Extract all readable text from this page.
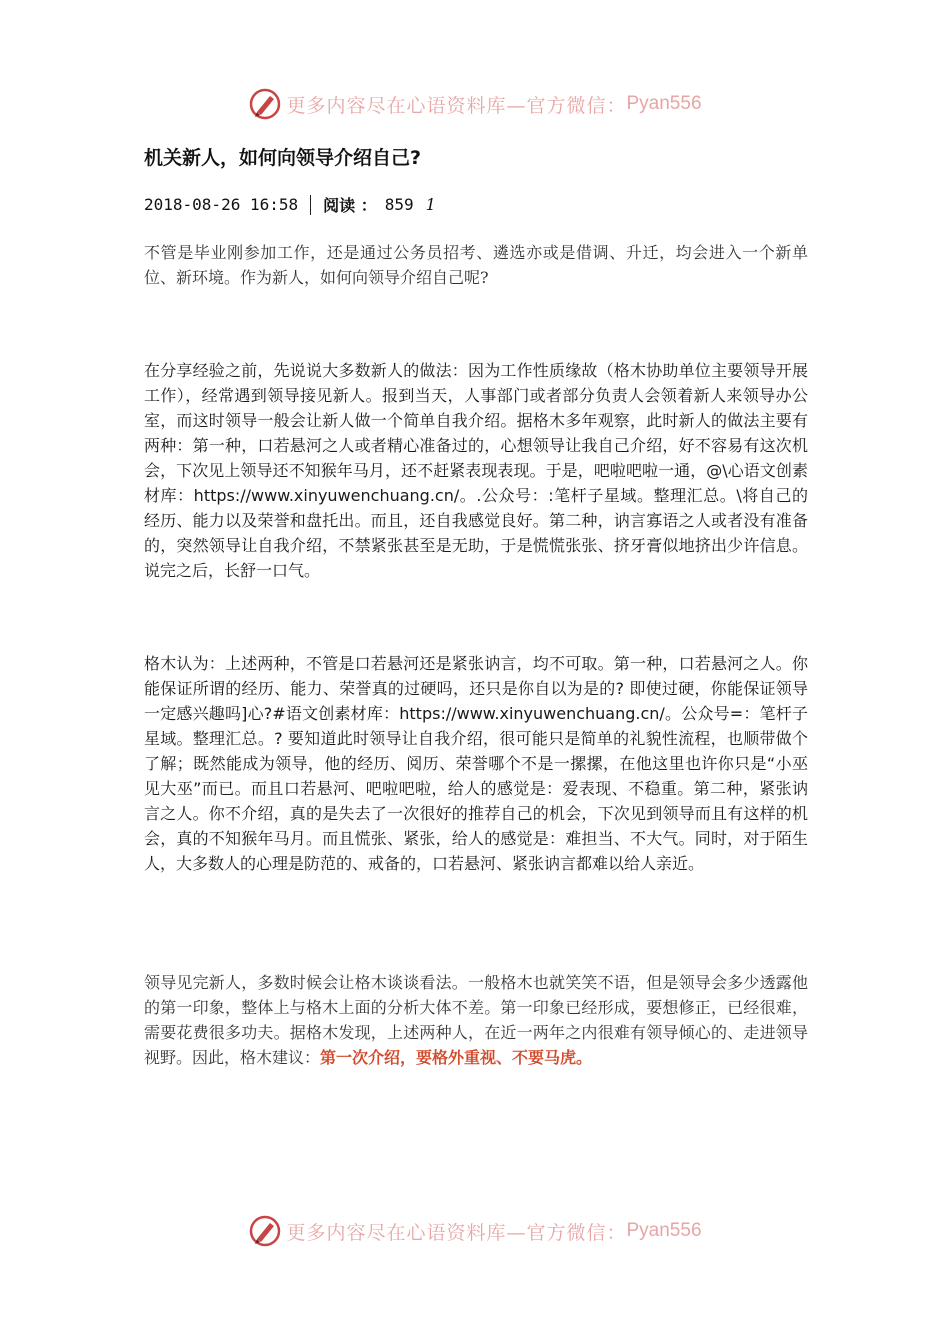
更多内容尽在心语资料库—官方微信： Pyan556
机关新人，如何向领导介绍自己?
2018-08-26 16:58 阅读 ： 859 1

不管是毕业刚参加工作，还是通过公务员招考、遴选亦或是借调、升迁，均会进入一个新单位、新环境。作为新人，如何向领导介绍自己呢?

在分享经验之前，先说说大多数新人的做法：因为工作性质缘故（格木协助单位主要领导开展工作），经常遇到领导接见新人。报到当天，人事部门或者部分负责人会领着新人来领导办公室，而这时领导一般会让新人做一个简单自我介绍。据格木多年观察，此时新人的做法主要有两种：第一种，口若悬河之人或者精心准备过的，心想领导让我自己介绍，好不容易有这次机会，下次见上领导还不知猴年马月，还不赶紧表现表现。于是，吧啦吧啦一通，@\心语文创素材库：https://www.xinyuwenchuang.cn/。.公众号：:笔杆子星域。整理汇总。\将自己的经历、能力以及荣誉和盘托出。而且，还自我感觉良好。第二种，讷言寡语之人或者没有准备的，突然领导让自我介绍，不禁紧张甚至是无助，于是慌慌张张、挤牙膏似地挤出少许信息。说完之后，长舒一口气。

格木认为：上述两种，不管是口若悬河还是紧张讷言，均不可取。第一种，口若悬河之人。你能保证所谓的经历、能力、荣誉真的过硬吗，还只是你自以为是的? 即使过硬，你能保证领导一定感兴趣吗]心?#语文创素材库：https://www.xinyuwenchuang.cn/。公众号=：笔杆子星域。整理汇总。? 要知道此时领导让自我介绍，很可能只是简单的礼貌性流程，也顺带做个了解；既然能成为领导，他的经历、阅历、荣誉哪个不是一摞摞，在他这里也许你只是“小巫见大巫”而已。而且口若悬河、吧啦吧啦，给人的感觉是：爱表现、不稳重。第二种，紧张讷言之人。你不介绍，真的是失去了一次很好的推荐自己的机会，下次见到领导而且有这样的机会，真的不知猴年马月。而且慌张、紧张，给人的感觉是：难担当、不大气。同时，对于陌生人，大多数人的心理是防范的、戒备的，口若悬河、紧张讷言都难以给人亲近。

领导见完新人，多数时候会让格木谈谈看法。一般格木也就笑笑不语，但是领导会多少透露他的第一印象，整体上与格木上面的分析大体不差。第一印象已经形成，要想修正，已经很难，需要花费很多功夫。据格木发现，上述两种人，在近一两年之内很难有领导倾心的、走进领导视野。因此，格木建议：第一次介绍，要格外重视、不要马虎。

更多内容尽在心语资料库—官方微信： Pyan556
